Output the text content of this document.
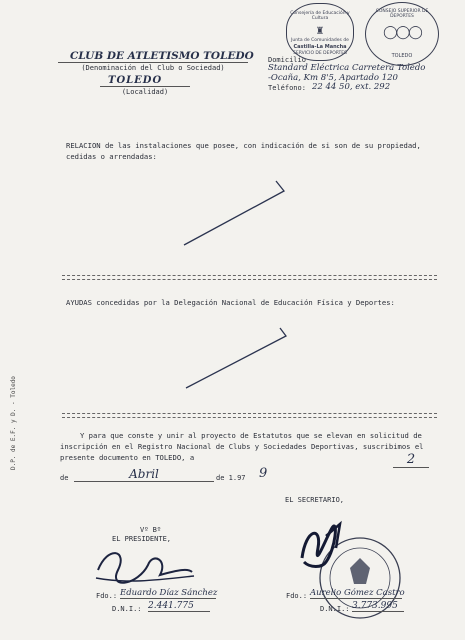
CLUB DE ATLETISMO TOLEDO
(Denominación del Club o Sociedad)
TOLEDO
(Localidad)
Domicilio
Standard Eléctrica Carretera Toledo
-Ocaña, Km 8'5, Apartado 120
Teléfono: 22 44 50, ext. 292
Consejería de Educación y Cultura
♜
Junta de Comunidades de
Castilla-La Mancha
SERVICIO DE DEPORTES
CONSEJO SUPERIOR DE DEPORTES
◯◯◯
TOLEDO
RELACION de las instalaciones que posee, con indicación de si son de su propiedad, cedidas o arrendadas:
AYUDAS concedidas por la Delegación Nacional de Educación Física y Deportes:
Y para que conste y unir al proyecto de Estatutos que se elevan en solicitud de inscripción en el Registro Nacional de Clubs y Sociedades Deportivas, suscribimos el presente documento en TOLEDO, a	2
de	Abril	de 1.97 9
EL SECRETARIO,
Vº Bº
EL PRESIDENTE,
Fdo.: Eduardo Díaz Sánchez
D.N.I.: 2.441.775
Fdo.: Aurelio Gómez Castro
D.N.I.: 3.773.995
D.P. de E.F. y D. - Toledo
